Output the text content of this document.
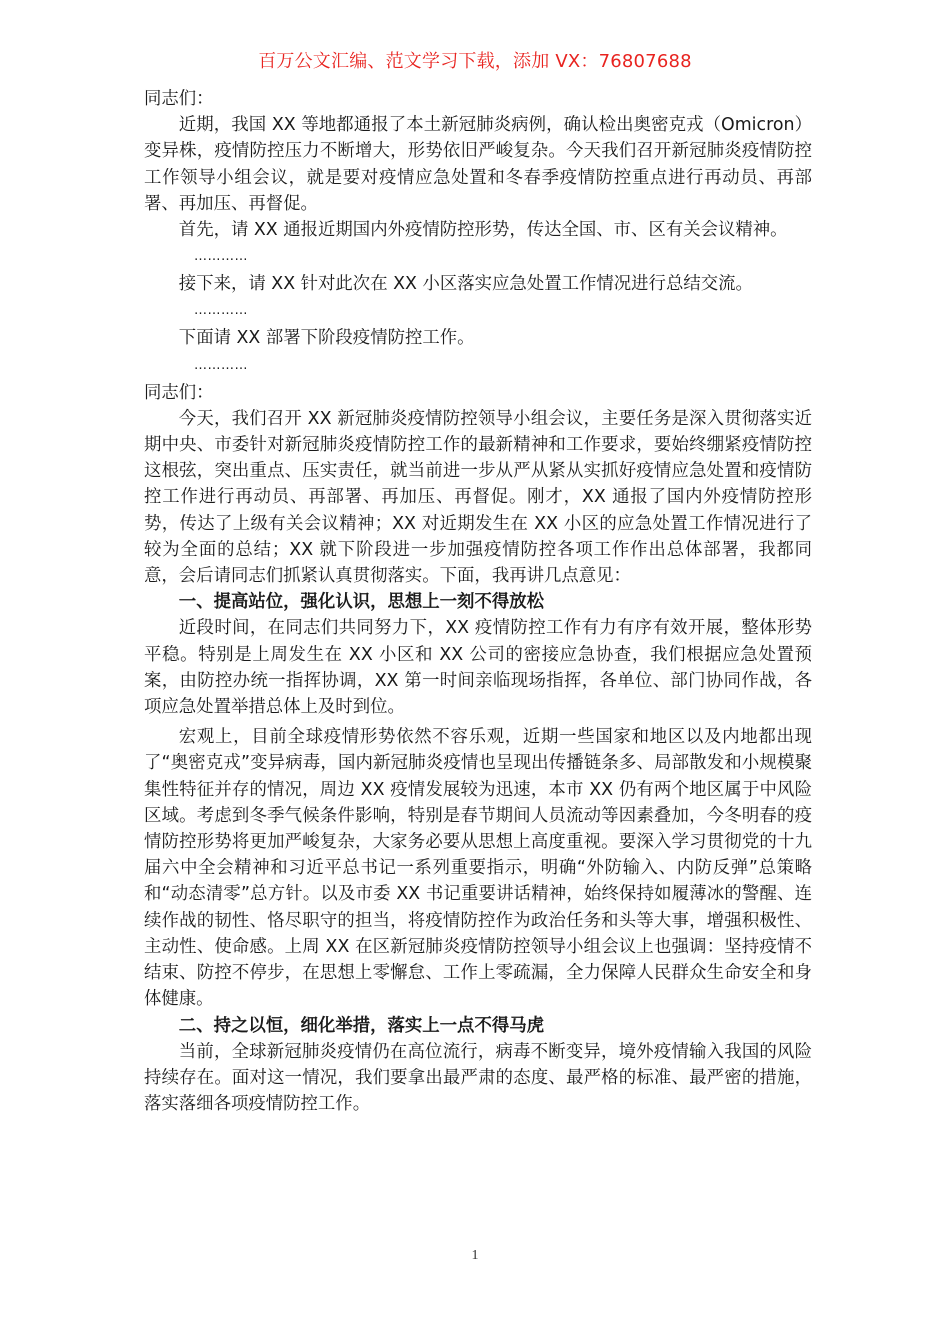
百万公文汇编、范文学习下载，添加 VX：76807688

同志们：

近期，我国 XX 等地都通报了本土新冠肺炎病例，确认检出奥密克戎（Omicron）变异株，疫情防控压力不断增大，形势依旧严峻复杂。今天我们召开新冠肺炎疫情防控工作领导小组会议，就是要对疫情应急处置和冬春季疫情防控重点进行再动员、再部署、再加压、再督促。

首先，请 XX 通报近期国内外疫情防控形势，传达全国、市、区有关会议精神。

…………

接下来，请 XX 针对此次在 XX 小区落实应急处置工作情况进行总结交流。

…………

下面请 XX 部署下阶段疫情防控工作。

…………

同志们：

今天，我们召开 XX 新冠肺炎疫情防控领导小组会议，主要任务是深入贯彻落实近期中央、市委针对新冠肺炎疫情防控工作的最新精神和工作要求，要始终绷紧疫情防控这根弦，突出重点、压实责任，就当前进一步从严从紧从实抓好疫情应急处置和疫情防控工作进行再动员、再部署、再加压、再督促。刚才，XX 通报了国内外疫情防控形势，传达了上级有关会议精神；XX 对近期发生在 XX 小区的应急处置工作情况进行了较为全面的总结；XX 就下阶段进一步加强疫情防控各项工作作出总体部署，我都同意，会后请同志们抓紧认真贯彻落实。下面，我再讲几点意见：

一、提高站位，强化认识，思想上一刻不得放松

近段时间，在同志们共同努力下，XX 疫情防控工作有力有序有效开展，整体形势平稳。特别是上周发生在 XX 小区和 XX 公司的密接应急协查，我们根据应急处置预案，由防控办统一指挥协调，XX 第一时间亲临现场指挥，各单位、部门协同作战，各项应急处置举措总体上及时到位。

宏观上，目前全球疫情形势依然不容乐观，近期一些国家和地区以及内地都出现了“奥密克戎”变异病毒，国内新冠肺炎疫情也呈现出传播链条多、局部散发和小规模聚集性特征并存的情况，周边 XX 疫情发展较为迅速，本市 XX 仍有两个地区属于中风险区域。考虑到冬季气候条件影响，特别是春节期间人员流动等因素叠加，今冬明春的疫情防控形势将更加严峻复杂，大家务必要从思想上高度重视。要深入学习贯彻党的十九届六中全会精神和习近平总书记一系列重要指示，明确“外防输入、内防反弹”总策略和“动态清零”总方针。以及市委 XX 书记重要讲话精神，始终保持如履薄冰的警醒、连续作战的韧性、恪尽职守的担当，将疫情防控作为政治任务和头等大事，增强积极性、主动性、使命感。上周 XX 在区新冠肺炎疫情防控领导小组会议上也强调：坚持疫情不结束、防控不停步，在思想上零懈怠、工作上零疏漏，全力保障人民群众生命安全和身体健康。

二、持之以恒，细化举措，落实上一点不得马虎

当前，全球新冠肺炎疫情仍在高位流行，病毒不断变异，境外疫情输入我国的风险持续存在。面对这一情况，我们要拿出最严肃的态度、最严格的标准、最严密的措施，落实落细各项疫情防控工作。

1
